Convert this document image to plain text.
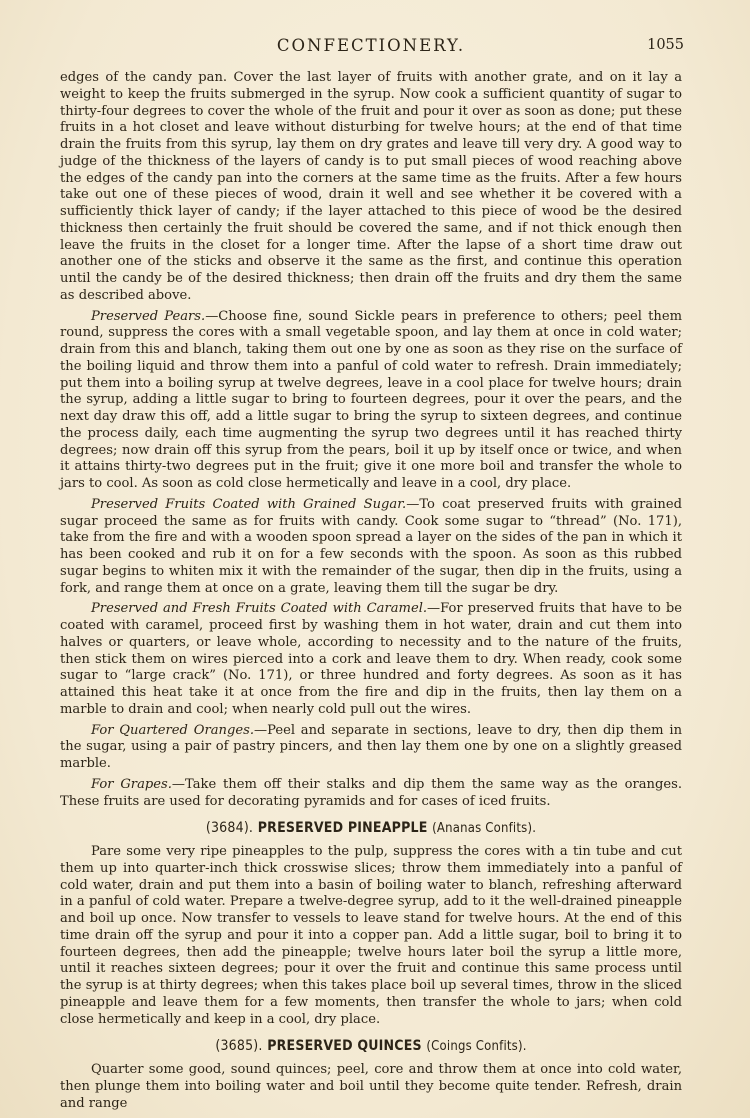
CONFECTIONERY.	1055

edges of the candy pan. Cover the last layer of fruits with another grate, and on it lay a weight to keep the fruits submerged in the syrup. Now cook a sufficient quantity of sugar to thirty-four degrees to cover the whole of the fruit and pour it over as soon as done; put these fruits in a hot closet and leave without disturbing for twelve hours; at the end of that time drain the fruits from this syrup, lay them on dry grates and leave till very dry. A good way to judge of the thickness of the layers of candy is to put small pieces of wood reaching above the edges of the candy pan into the corners at the same time as the fruits. After a few hours take out one of these pieces of wood, drain it well and see whether it be covered with a sufficiently thick layer of candy; if the layer attached to this piece of wood be the desired thickness then certainly the fruit should be covered the same, and if not thick enough then leave the fruits in the closet for a longer time. After the lapse of a short time draw out another one of the sticks and observe it the same as the first, and continue this operation until the candy be of the desired thickness; then drain off the fruits and dry them the same as described above.

Preserved Pears.—Choose fine, sound Sickle pears in preference to others; peel them round, suppress the cores with a small vegetable spoon, and lay them at once in cold water; drain from this and blanch, taking them out one by one as soon as they rise on the surface of the boiling liquid and throw them into a panful of cold water to refresh. Drain immediately; put them into a boiling syrup at twelve degrees, leave in a cool place for twelve hours; drain the syrup, adding a little sugar to bring to fourteen degrees, pour it over the pears, and the next day draw this off, add a little sugar to bring the syrup to sixteen degrees, and continue the process daily, each time augmenting the syrup two degrees until it has reached thirty degrees; now drain off this syrup from the pears, boil it up by itself once or twice, and when it attains thirty-two degrees put in the fruit; give it one more boil and transfer the whole to jars to cool. As soon as cold close hermetically and leave in a cool, dry place.

Preserved Fruits Coated with Grained Sugar.—To coat preserved fruits with grained sugar proceed the same as for fruits with candy. Cook some sugar to “thread” (No. 171), take from the fire and with a wooden spoon spread a layer on the sides of the pan in which it has been cooked and rub it on for a few seconds with the spoon. As soon as this rubbed sugar begins to whiten mix it with the remainder of the sugar, then dip in the fruits, using a fork, and range them at once on a grate, leaving them till the sugar be dry.

Preserved and Fresh Fruits Coated with Caramel.—For preserved fruits that have to be coated with caramel, proceed first by washing them in hot water, drain and cut them into halves or quarters, or leave whole, according to necessity and to the nature of the fruits, then stick them on wires pierced into a cork and leave them to dry. When ready, cook some sugar to “large crack” (No. 171), or three hundred and forty degrees. As soon as it has attained this heat take it at once from the fire and dip in the fruits, then lay them on a marble to drain and cool; when nearly cold pull out the wires.

For Quartered Oranges.—Peel and separate in sections, leave to dry, then dip them in the sugar, using a pair of pastry pincers, and then lay them one by one on a slightly greased marble.

For Grapes.—Take them off their stalks and dip them the same way as the oranges. These fruits are used for decorating pyramids and for cases of iced fruits.

(3684). PRESERVED PINEAPPLE (Ananas Confits).

Pare some very ripe pineapples to the pulp, suppress the cores with a tin tube and cut them up into quarter-inch thick crosswise slices; throw them immediately into a panful of cold water, drain and put them into a basin of boiling water to blanch, refreshing afterward in a panful of cold water. Prepare a twelve-degree syrup, add to it the well-drained pineapple and boil up once. Now transfer to vessels to leave stand for twelve hours. At the end of this time drain off the syrup and pour it into a copper pan. Add a little sugar, boil to bring it to fourteen degrees, then add the pineapple; twelve hours later boil the syrup a little more, until it reaches sixteen degrees; pour it over the fruit and continue this same process until the syrup is at thirty degrees; when this takes place boil up several times, throw in the sliced pineapple and leave them for a few moments, then transfer the whole to jars; when cold close hermetically and keep in a cool, dry place.

(3685). PRESERVED QUINCES (Coings Confits).

Quarter some good, sound quinces; peel, core and throw them at once into cold water, then plunge them into boiling water and boil until they become quite tender. Refresh, drain and range
